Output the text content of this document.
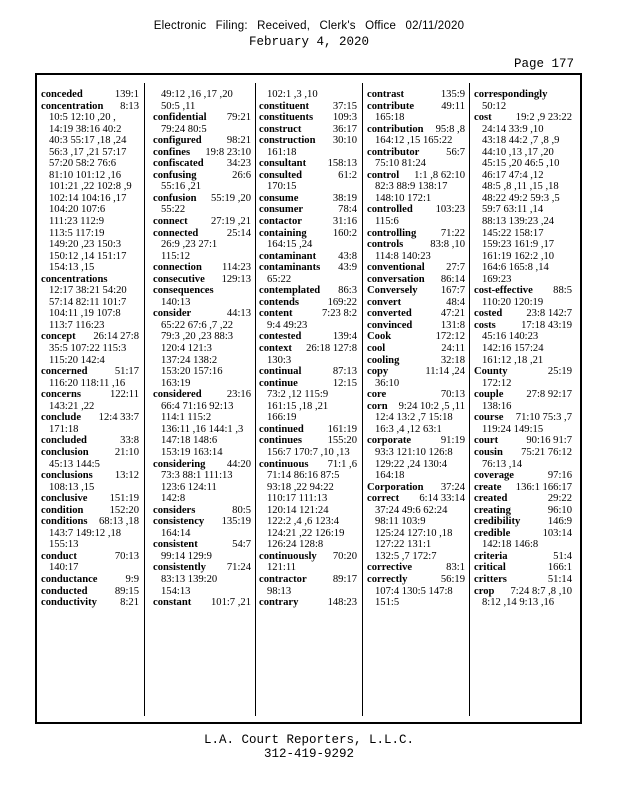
Electronic Filing: Received, Clerk's Office 02/11/2020
February 4, 2020
Page 177
conceded	139:1
concentration 8:13
10:5 12:10 ,20 ,
14:19 38:16 40:2
40:3 55:17 ,18 ,24
56:3 ,17 ,21 57:17
57:20 58:2 76:6
81:10 101:12 ,16
101:21 ,22 102:8 ,9
102:14 104:16 ,17
104:20 107:6
111:23 112:9
113:5 117:19
149:20 ,23 150:3
150:12 ,14 151:17
154:13 ,15
concentrations
12:17 38:21 54:20
57:14 82:11 101:7
104:11 ,19 107:8
113:7 116:23
concept 26:14 27:8
35:5 107:22 115:3
115:20 142:4
concerned	51:17
116:20 118:11 ,16
concerns	122:11
143:21 ,22
conclude 12:4 33:7
171:18
concluded	33:8
conclusion 21:10
45:13 144:5
conclusions 13:12
108:13 ,15
conclusive 151:19
condition 152:20
conditions 68:13 ,18
143:7 149:12 ,18
155:13
conduct	70:13
140:17
conductance	9:9
conducted	89:15
conductivity 8:21
49:12 ,16 ,17 ,20
50:5 ,11
confidential 79:21
79:24 80:5
configured 98:21
confines 19:8 23:10
confiscated 34:23
confusing	26:6
55:16 ,21
confusion 55:19 ,20
55:22
connect 27:19 ,21
connected	25:14
26:9 ,23 27:1
115:12
connection 114:23
consecutive 129:13
consequences
140:13
consider	44:13
65:22 67:6 ,7 ,22
79:3 ,20 ,23 88:3
120:4 121:3
137:24 138:2
153:20 157:16
163:19
considered 23:16
66:4 71:16 92:13
114:1 115:2
136:11 ,16 144:1 ,3
147:18 148:6
153:19 163:14
considering 44:20
73:3 88:1 111:13
123:6 124:11
142:8
considers	80:5
consistency 135:19
164:14
consistent	54:7
99:14 129:9
consistently 71:24
83:13 139:20
154:13
constant 101:7 ,21
102:1 ,3 ,10
constituent 37:15
constituents 109:3
construct	36:17
construction 30:10
161:18
consultant 158:13
consulted	61:2
170:15
consume	38:19
consumer	78:4
contactor	31:16
containing 160:2
164:15 ,24
contaminant 43:8
contaminants 43:9
65:22
contemplated 86:3
contends	169:22
content	7:23 8:2
9:4 49:23
contested	139:4
context 26:18 127:8
130:3
continual	87:13
continue	12:15
73:2 ,12 115:9
161:15 ,18 ,21
166:19
continued 161:19
continues 155:20
156:7 170:7 ,10 ,13
continuous 71:1 ,6
71:14 86:16 87:5
93:18 ,22 94:22
110:17 111:13
120:14 121:24
122:2 ,4 ,6 123:4
124:21 ,22 126:19
126:24 128:8
continuously 70:20
121:11
contractor 89:17
98:13
contrary	148:23
contrast	135:9
contribute	49:11
165:18
contribution 95:8 ,8
164:12 ,15 165:22
contributor	56:7
75:10 81:24
control 1:1 ,8 62:10
82:3 88:9 138:17
148:10 172:1
controlled 103:23
115:6
controlling 71:22
controls	83:8 ,10
114:8 140:23
conventional 27:7
conversation 86:14
Conversely 167:7
convert	48:4
converted	47:21
convinced	131:8
Cook	172:12
cool	24:11
cooling	32:18
copy	11:14 ,24
36:10
core	70:13
corn 9:24 10:2 ,5 ,11
12:4 13:2 ,7 15:18
16:3 ,4 ,12 63:1
corporate	91:19
93:3 121:10 126:8
129:22 ,24 130:4
164:18
Corporation 37:24
correct 6:14 33:14
37:24 49:6 62:24
98:11 103:9
125:24 127:10 ,18
127:22 131:1
132:5 ,7 172:7
corrective	83:1
correctly	56:19
107:4 130:5 147:8
151:5
correspondingly
50:12
cost 19:2 ,9 23:22
24:14 33:9 ,10
43:18 44:2 ,7 ,8 ,9
44:10 ,13 ,17 ,20
45:15 ,20 46:5 ,10
46:17 47:4 ,12
48:5 ,8 ,11 ,15 ,18
48:22 49:2 59:3 ,5
59:7 63:11 ,14
88:13 139:23 ,24
145:22 158:17
159:23 161:9 ,17
161:19 162:2 ,10
164:6 165:8 ,14
169:23
cost-effective 88:5
110:20 120:19
costed 23:8 142:7
costs 17:18 43:19
45:16 140:23
142:16 157:24
161:12 ,18 ,21
County	25:19
172:12
couple 27:8 92:17
138:16
course 71:10 75:3 ,7
119:24 149:15
court	90:16 91:7
cousin 75:21 76:12
76:13 ,14
coverage	97:16
create 136:1 166:17
created	29:22
creating	96:10
credibility	146:9
credible	103:14
142:18 146:8
criteria	51:4
critical	166:1
critters	51:14
crop 7:24 8:7 ,8 ,10
8:12 ,14 9:13 ,16
L.A. Court Reporters, L.L.C.
312-419-9292
